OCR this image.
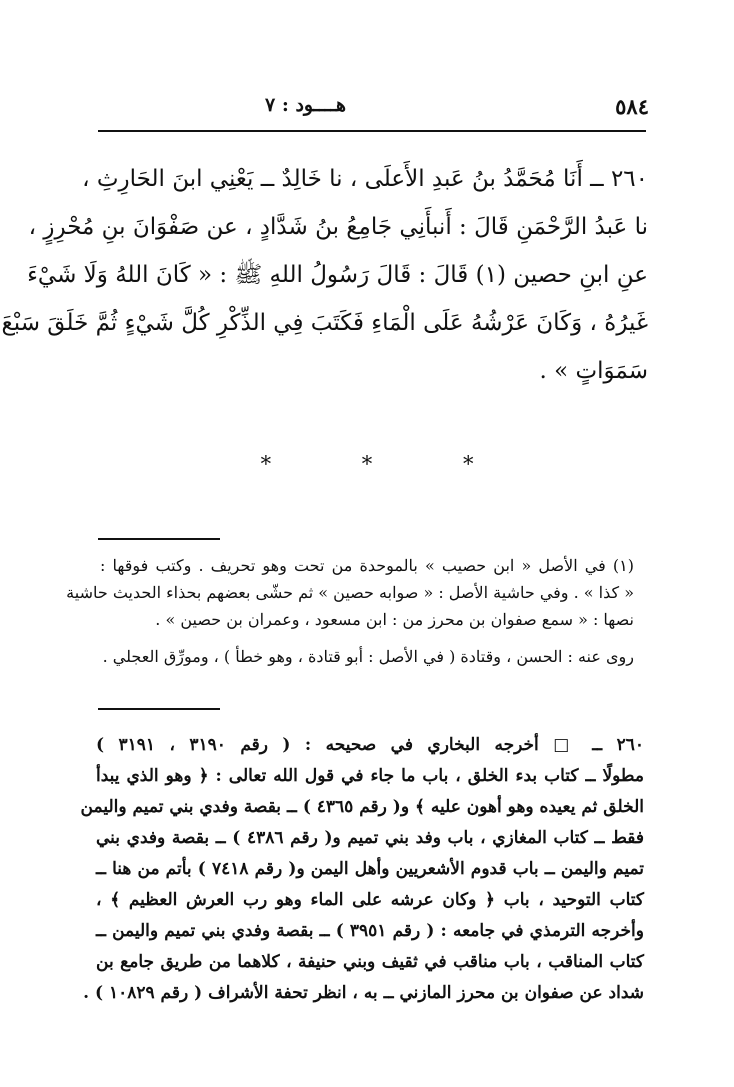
٥٨٤
هــــود : ٧
٢٦٠ ــ أَنَا مُحَمَّدُ بنُ عَبدِ الأَعلَى ، نا خَالِدٌ ــ يَعْنِي ابنَ الحَارِثِ ،
نا عَبدُ الرَّحْمَنِ قَالَ : أَنبأَنِي جَامِعُ بنُ شَدَّادٍ ، عن صَفْوَانَ بنِ مُحْرِزٍ ،
عنِ ابنِ حصين (١) قَالَ : قَالَ رَسُولُ اللهِ ﷺ : « كَانَ اللهُ وَلَا شَيْءَ
غَيرُهُ ، وَكَانَ عَرْشُهُ عَلَى الْمَاءِ فَكَتَبَ فِي الذِّكْرِ كُلَّ شَيْءٍ ثُمَّ خَلَقَ سَبْعَ
سَمَوَاتٍ » .
*	*	*
(١) في الأصل « ابن حصيب » بالموحدة من تحت وهو تحريف . وكتب فوقها :
« كذا » . وفي حاشية الأصل : « صوابه حصين » ثم حشّى بعضهم بحذاء الحديث حاشية
نصها : « سمع صفوان بن محرز من : ابن مسعود ، وعمران بن حصين » .
روى عنه : الحسن ، وقتادة ( في الأصل : أبو قتادة ، وهو خطأ ) ، ومورِّق العجلي .
٢٦٠ ــ □ أخرجه البخاري في صحيحه : ( رقم ٣١٩٠ ، ٣١٩١ )
مطولًا ــ كتاب بدء الخلق ، باب ما جاء في قول الله تعالى : ﴿ وهو الذي يبدأ
الخلق ثم يعيده وهو أهون عليه ﴾ و( رقم ٤٣٦٥ ) ــ بقصة وفدي بني تميم واليمن
فقط ــ كتاب المغازي ، باب وفد بني تميم و( رقم ٤٣٨٦ ) ــ بقصة وفدي بني
تميم واليمن ــ باب قدوم الأشعريين وأهل اليمن و( رقم ٧٤١٨ ) بأتم من هنا ــ
كتاب التوحيد ، باب ﴿ وكان عرشه على الماء وهو رب العرش العظيم ﴾ ،
وأخرجه الترمذي في جامعه : ( رقم ٣٩٥١ ) ــ بقصة وفدي بني تميم واليمن ــ
كتاب المناقب ، باب مناقب في ثقيف وبني حنيفة ، كلاهما من طريق جامع بن
شداد عن صفوان بن محرز المازني ــ به ، انظر تحفة الأشراف ( رقم ١٠٨٢٩ ) .
